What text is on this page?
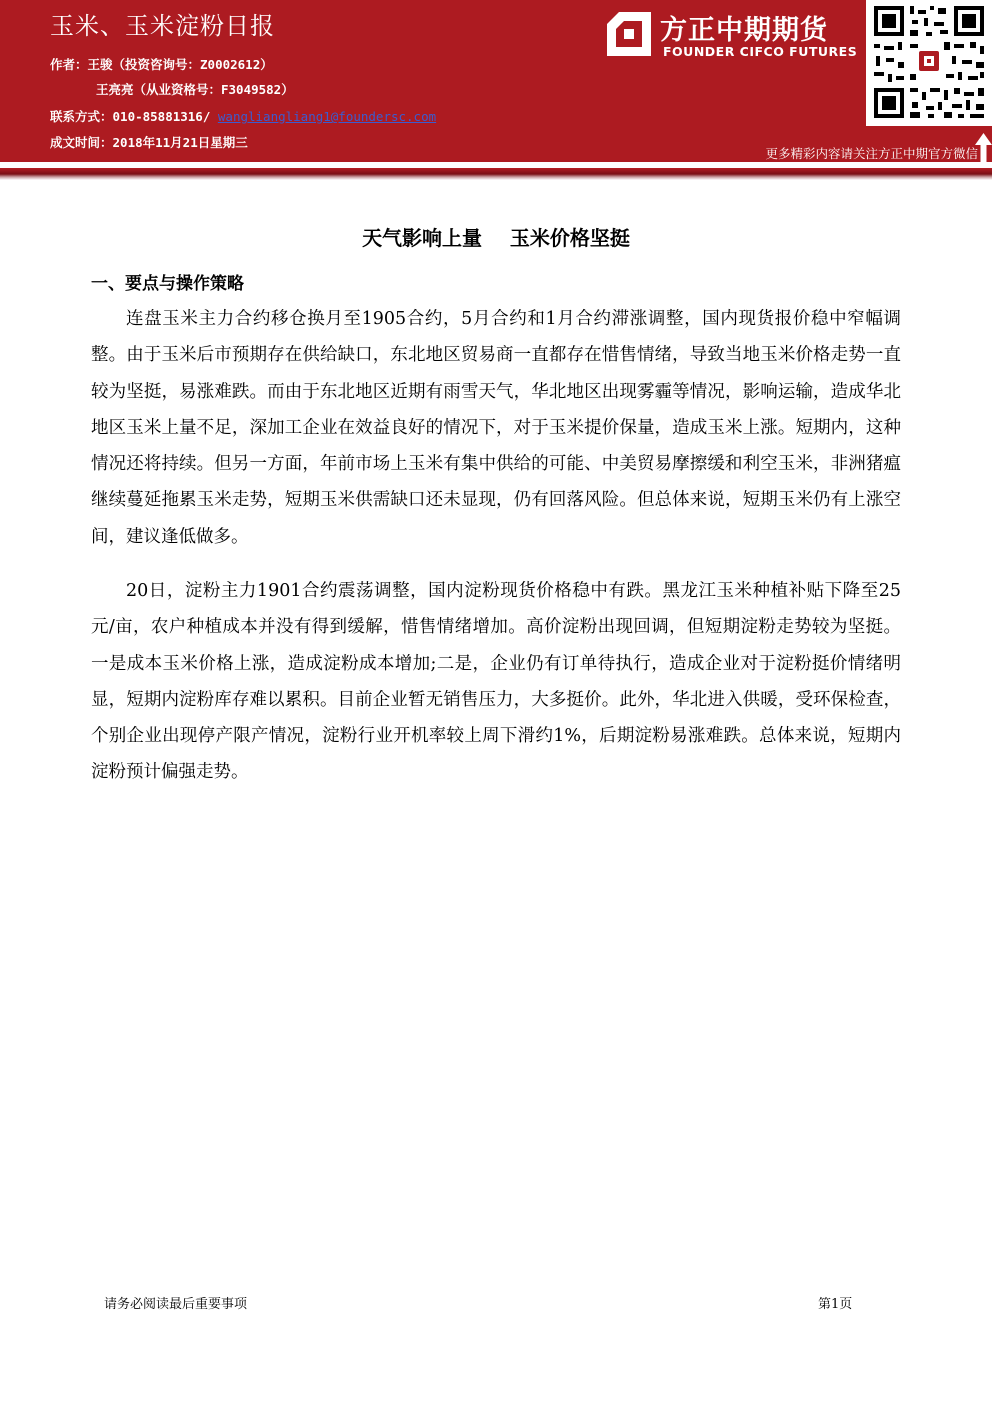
玉米、玉米淀粉日报
作者：王骏（投资咨询号：Z0002612）
王亮亮（从业资格号：F3049582）
联系方式：010-85881316/ wangliangliang1@foundersc.com
成文时间：2018年11月21日星期三
方正中期期货
FOUNDER CIFCO FUTURES
更多精彩内容请关注方正中期官方微信
天气影响上量    玉米价格坚挺
一、要点与操作策略

连盘玉米主力合约移仓换月至1905合约，5月合约和1月合约滞涨调整，国内现货报价稳中窄幅调整。由于玉米后市预期存在供给缺口，东北地区贸易商一直都存在惜售情绪，导致当地玉米价格走势一直较为坚挺，易涨难跌。而由于东北地区近期有雨雪天气，华北地区出现雾霾等情况，影响运输，造成华北地区玉米上量不足，深加工企业在效益良好的情况下，对于玉米提价保量，造成玉米上涨。短期内，这种情况还将持续。但另一方面，年前市场上玉米有集中供给的可能、中美贸易摩擦缓和利空玉米，非洲猪瘟继续蔓延拖累玉米走势，短期玉米供需缺口还未显现，仍有回落风险。但总体来说，短期玉米仍有上涨空间，建议逢低做多。

20日，淀粉主力1901合约震荡调整，国内淀粉现货价格稳中有跌。黑龙江玉米种植补贴下降至25元/亩，农户种植成本并没有得到缓解，惜售情绪增加。高价淀粉出现回调，但短期淀粉走势较为坚挺。一是成本玉米价格上涨，造成淀粉成本增加;二是，企业仍有订单待执行，造成企业对于淀粉挺价情绪明显，短期内淀粉库存难以累积。目前企业暂无销售压力，大多挺价。此外，华北进入供暖，受环保检查，个别企业出现停产限产情况，淀粉行业开机率较上周下滑约1%，后期淀粉易涨难跌。总体来说，短期内淀粉预计偏强走势。

请务必阅读最后重要事项	第1页
